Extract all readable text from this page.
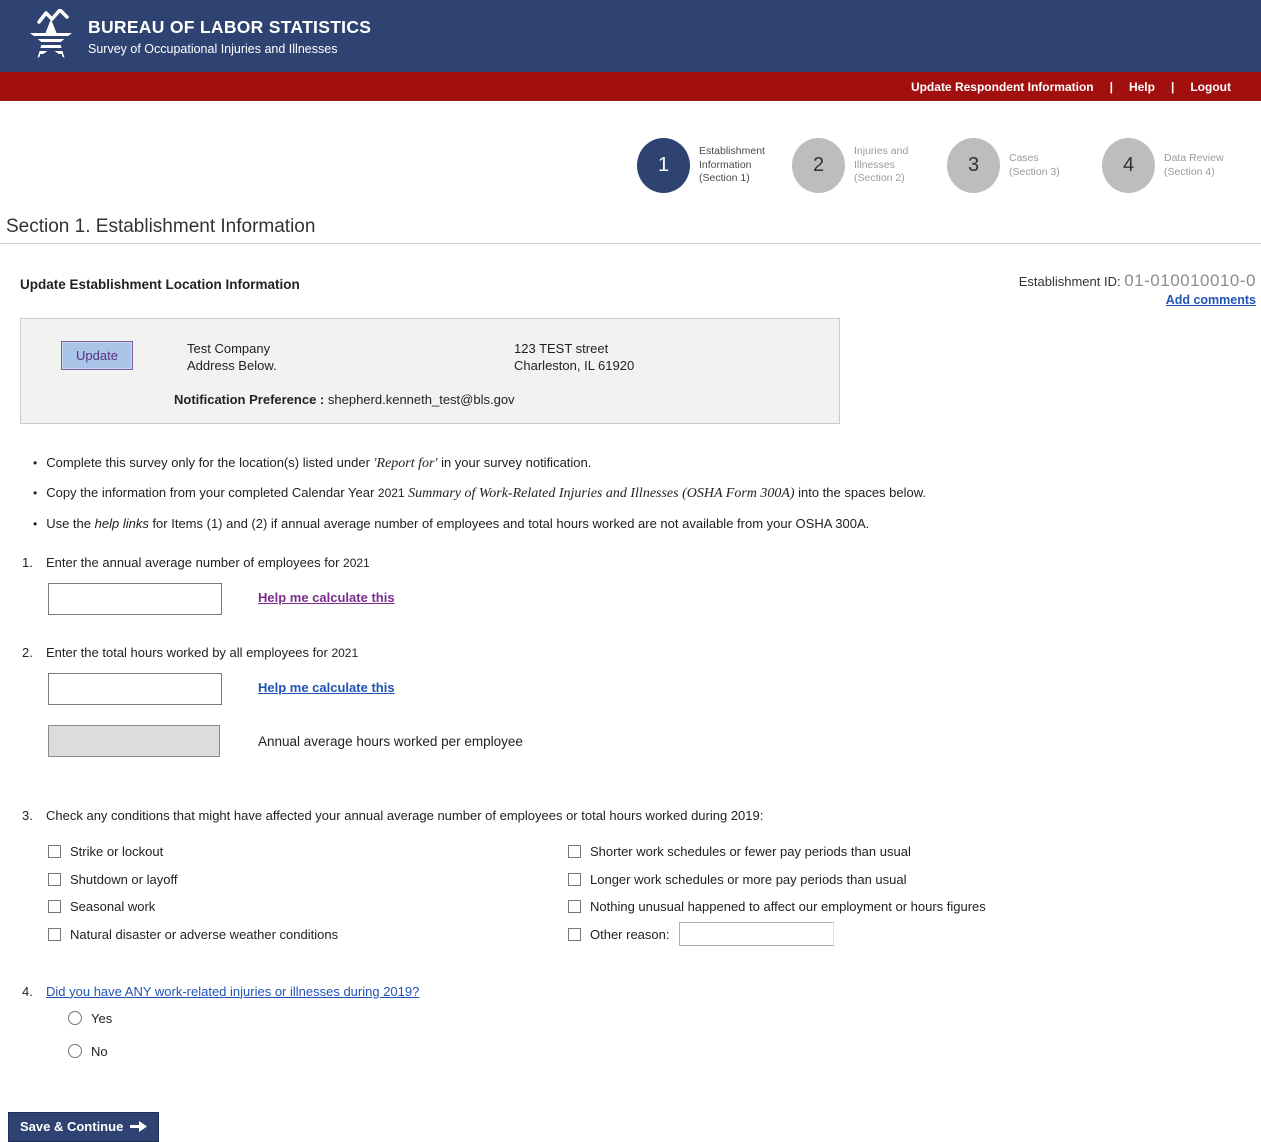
BUREAU OF LABOR STATISTICS
Survey of Occupational Injuries and Illnesses
Update Respondent Information | Help | Logout
1
Establishment
Information
(Section 1)
2
Injuries and
Illnesses
(Section 2)
3	Cases
(Section 3)	4	Data Review
(Section 4)
Section 1. Establishment Information
Update Establishment Location Information	Establishment ID: 01-010010010-0
Add comments
Update	Test Company
Address Below.
123 TEST street
Charleston, IL 61920
Notification Preference : shepherd.kenneth_test@bls.gov
• Complete this survey only for the location(s) listed under 'Report for' in your survey notification.
• Copy the information from your completed Calendar Year 2021 Summary of Work-Related Injuries and Illnesses (OSHA Form 300A) into the spaces below.
• Use the help links for Items (1) and (2) if annual average number of employees and total hours worked are not available from your OSHA 300A.
1.	Enter the annual average number of employees for 2021
Help me calculate this
2.	Enter the total hours worked by all employees for 2021
Help me calculate this
Annual average hours worked per employee
3.	Check any conditions that might have affected your annual average number of employees or total hours worked during 2019:
Strike or lockout
Shutdown or layoff
Seasonal work
Natural disaster or adverse weather conditions
Shorter work schedules or fewer pay periods than usual
Longer work schedules or more pay periods than usual
Nothing unusual happened to affect our employment or hours figures
Other reason:
4.	Did you have ANY work-related injuries or illnesses during 2019?
Yes
No
Save & Continue
